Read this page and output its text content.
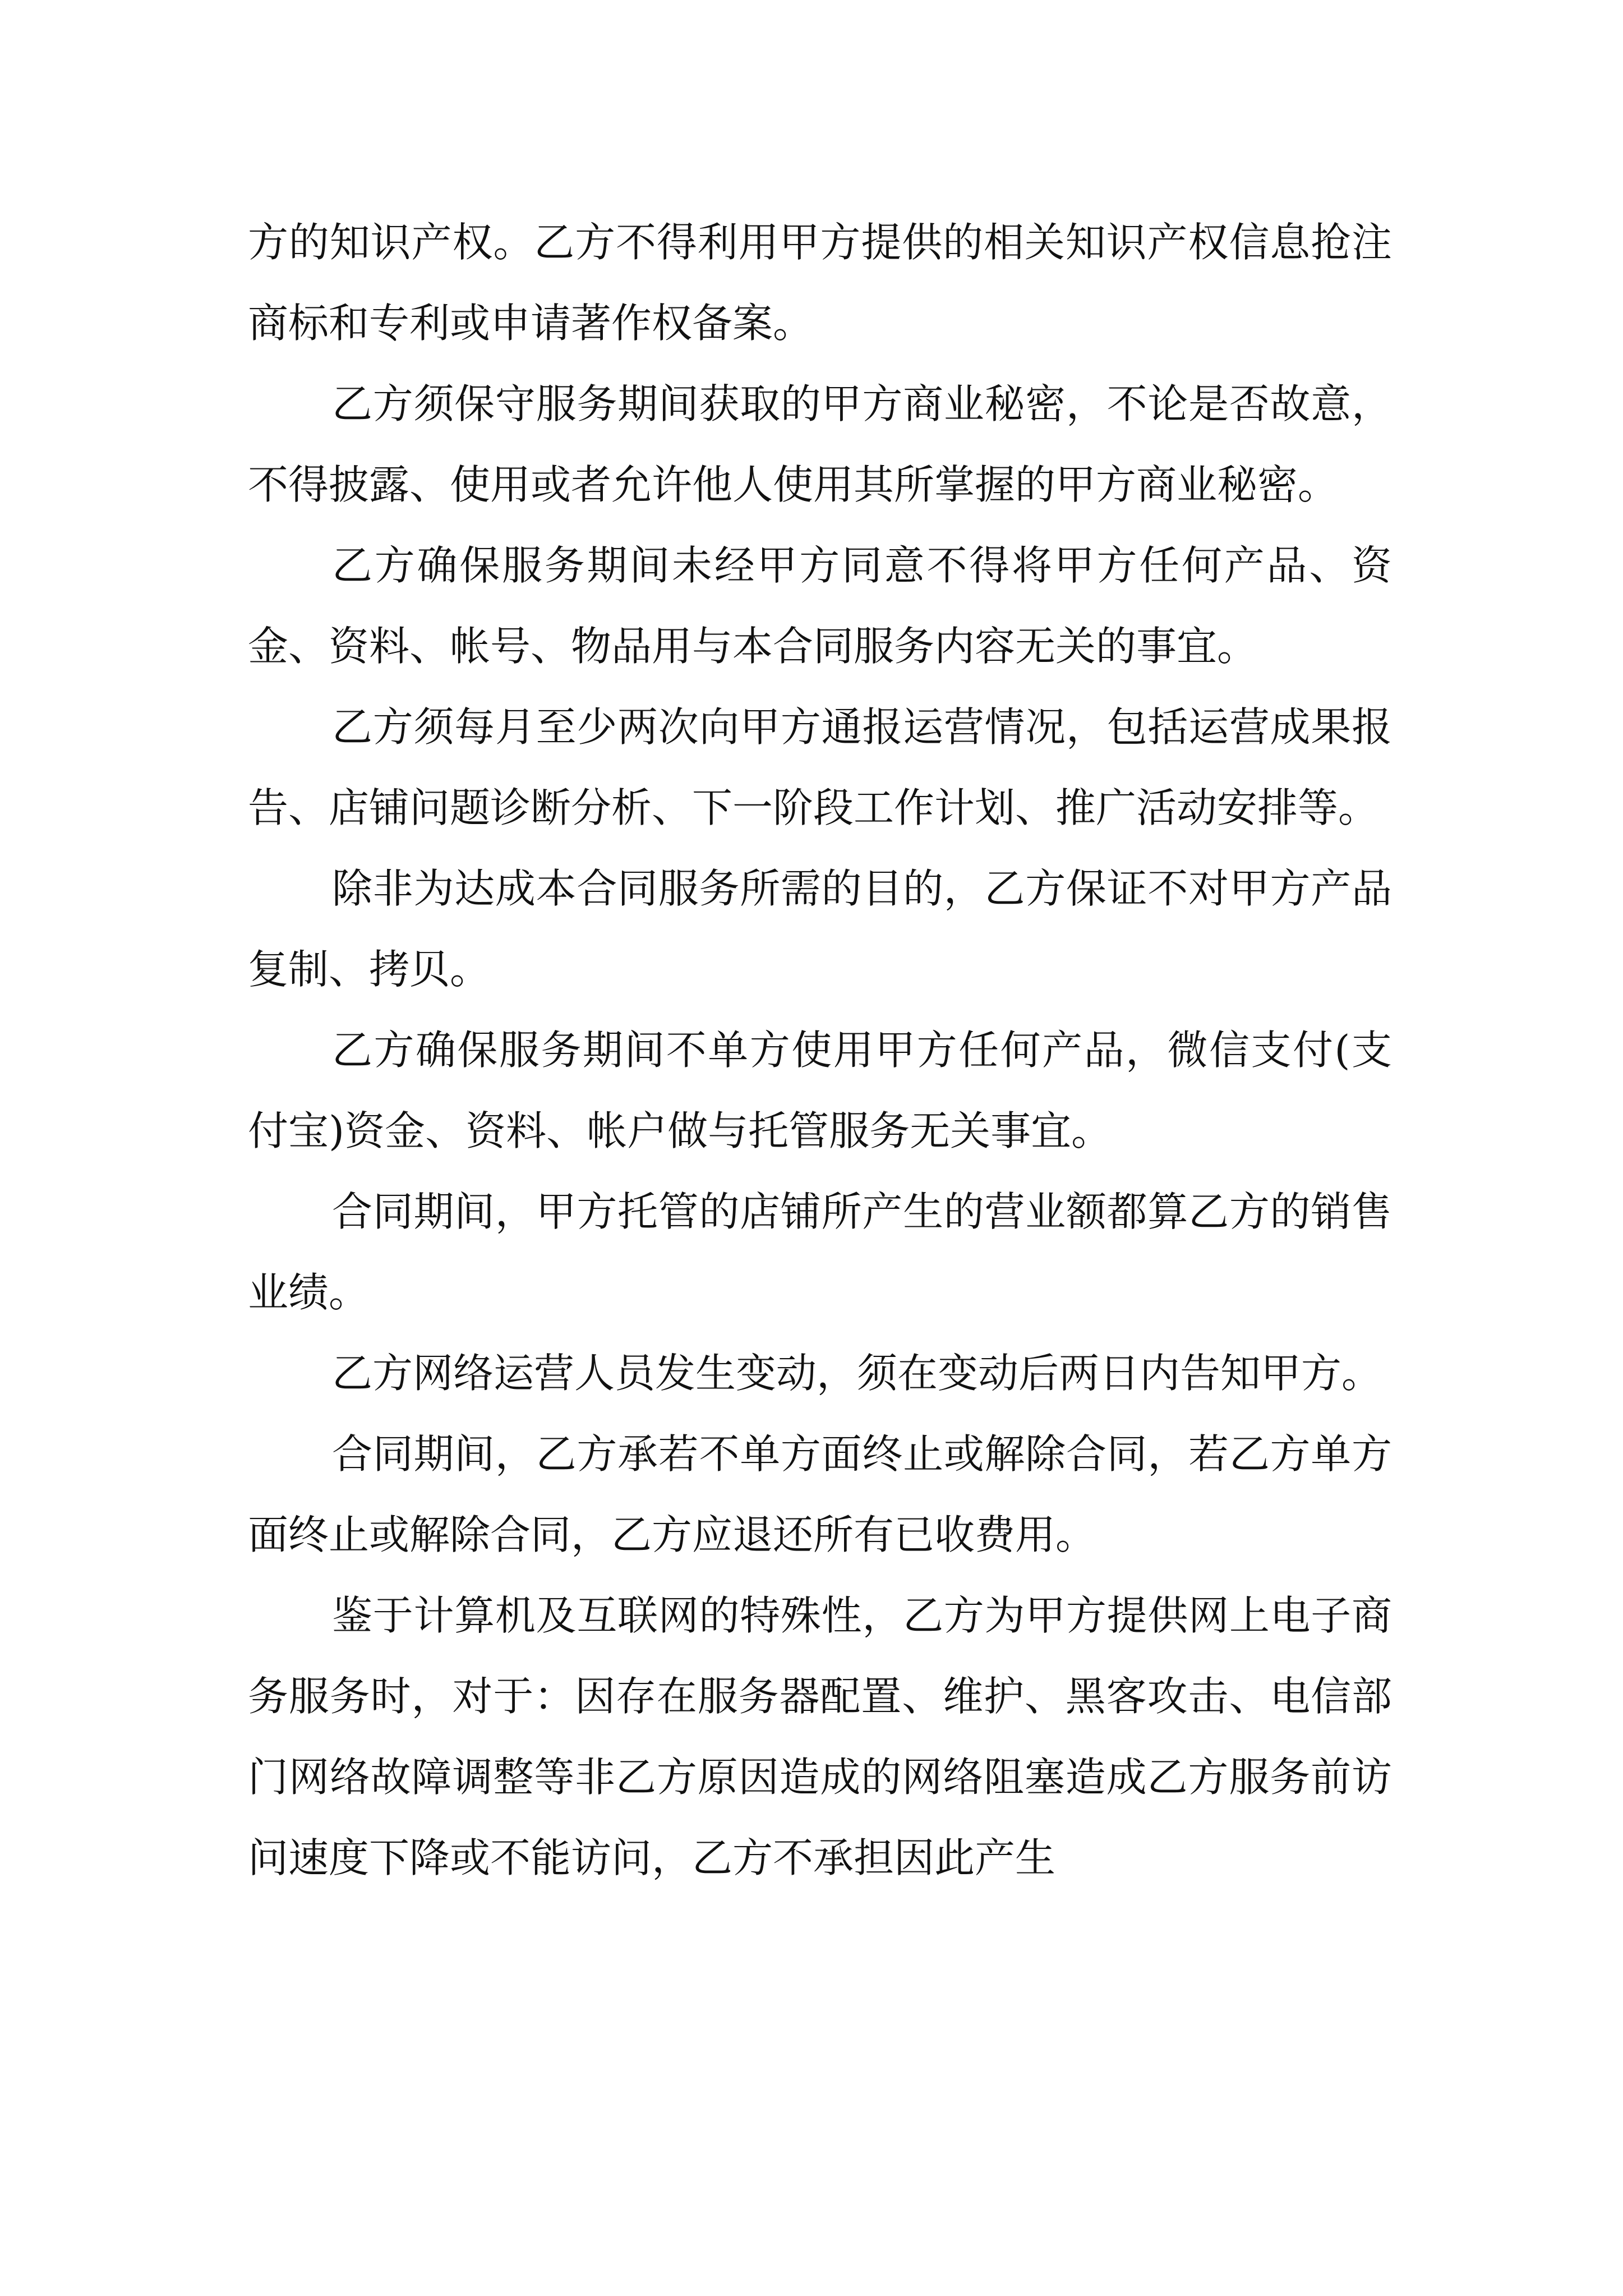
方的知识产权。乙方不得利用甲方提供的相关知识产权信息抢注商标和专利或申请著作权备案。

乙方须保守服务期间获取的甲方商业秘密，不论是否故意，不得披露、使用或者允许他人使用其所掌握的甲方商业秘密。

乙方确保服务期间未经甲方同意不得将甲方任何产品、资金、资料、帐号、物品用与本合同服务内容无关的事宜。

乙方须每月至少两次向甲方通报运营情况，包括运营成果报告、店铺问题诊断分析、下一阶段工作计划、推广活动安排等。

除非为达成本合同服务所需的目的，乙方保证不对甲方产品复制、拷贝。

乙方确保服务期间不单方使用甲方任何产品，微信支付(支付宝)资金、资料、帐户做与托管服务无关事宜。

合同期间，甲方托管的店铺所产生的营业额都算乙方的销售业绩。

乙方网络运营人员发生变动，须在变动后两日内告知甲方。

合同期间，乙方承若不单方面终止或解除合同，若乙方单方面终止或解除合同，乙方应退还所有已收费用。

鉴于计算机及互联网的特殊性，乙方为甲方提供网上电子商务服务时，对于：因存在服务器配置、维护、黑客攻击、电信部门网络故障调整等非乙方原因造成的网络阻塞造成乙方服务前访问速度下降或不能访问，乙方不承担因此产生
